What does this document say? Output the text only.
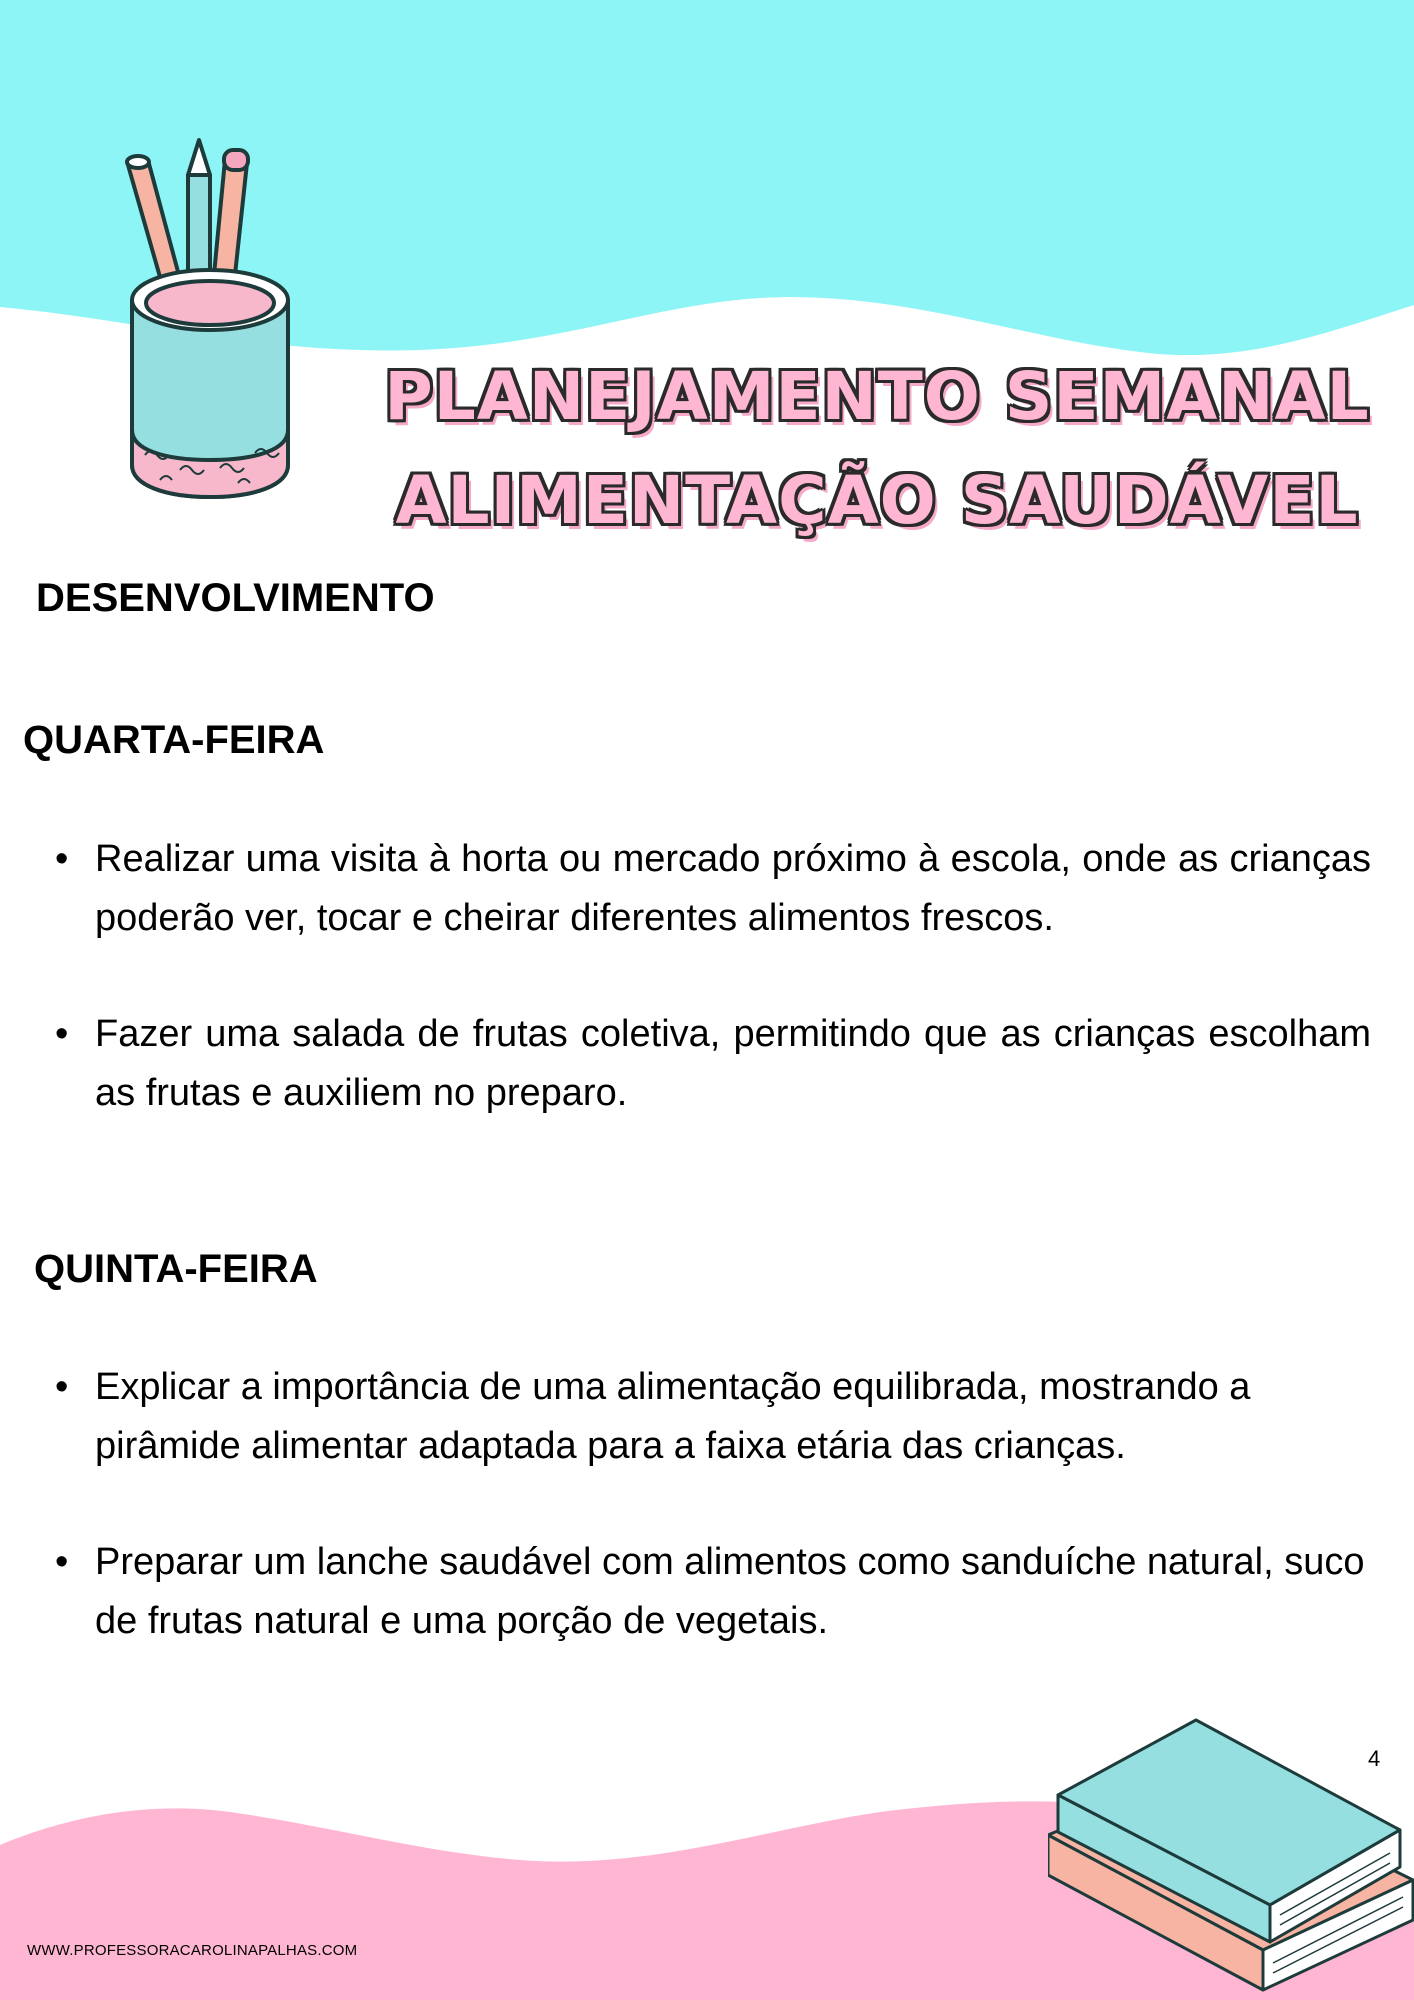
PLANEJAMENTO SEMANAL
ALIMENTAÇÃO SAUDÁVEL
DESENVOLVIMENTO
QUARTA-FEIRA
• Realizar uma visita à horta ou mercado próximo à escola, onde as crianças poderão ver, tocar e cheirar diferentes alimentos frescos.
• Fazer uma salada de frutas coletiva, permitindo que as crianças escolham as frutas e auxiliem no preparo.
QUINTA-FEIRA
• Explicar a importância de uma alimentação equilibrada, mostrando a pirâmide alimentar adaptada para a faixa etária das crianças.
• Preparar um lanche saudável com alimentos como sanduíche natural, suco de frutas natural e uma porção de vegetais.
4
WWW.PROFESSORACAROLINAPALHAS.COM
